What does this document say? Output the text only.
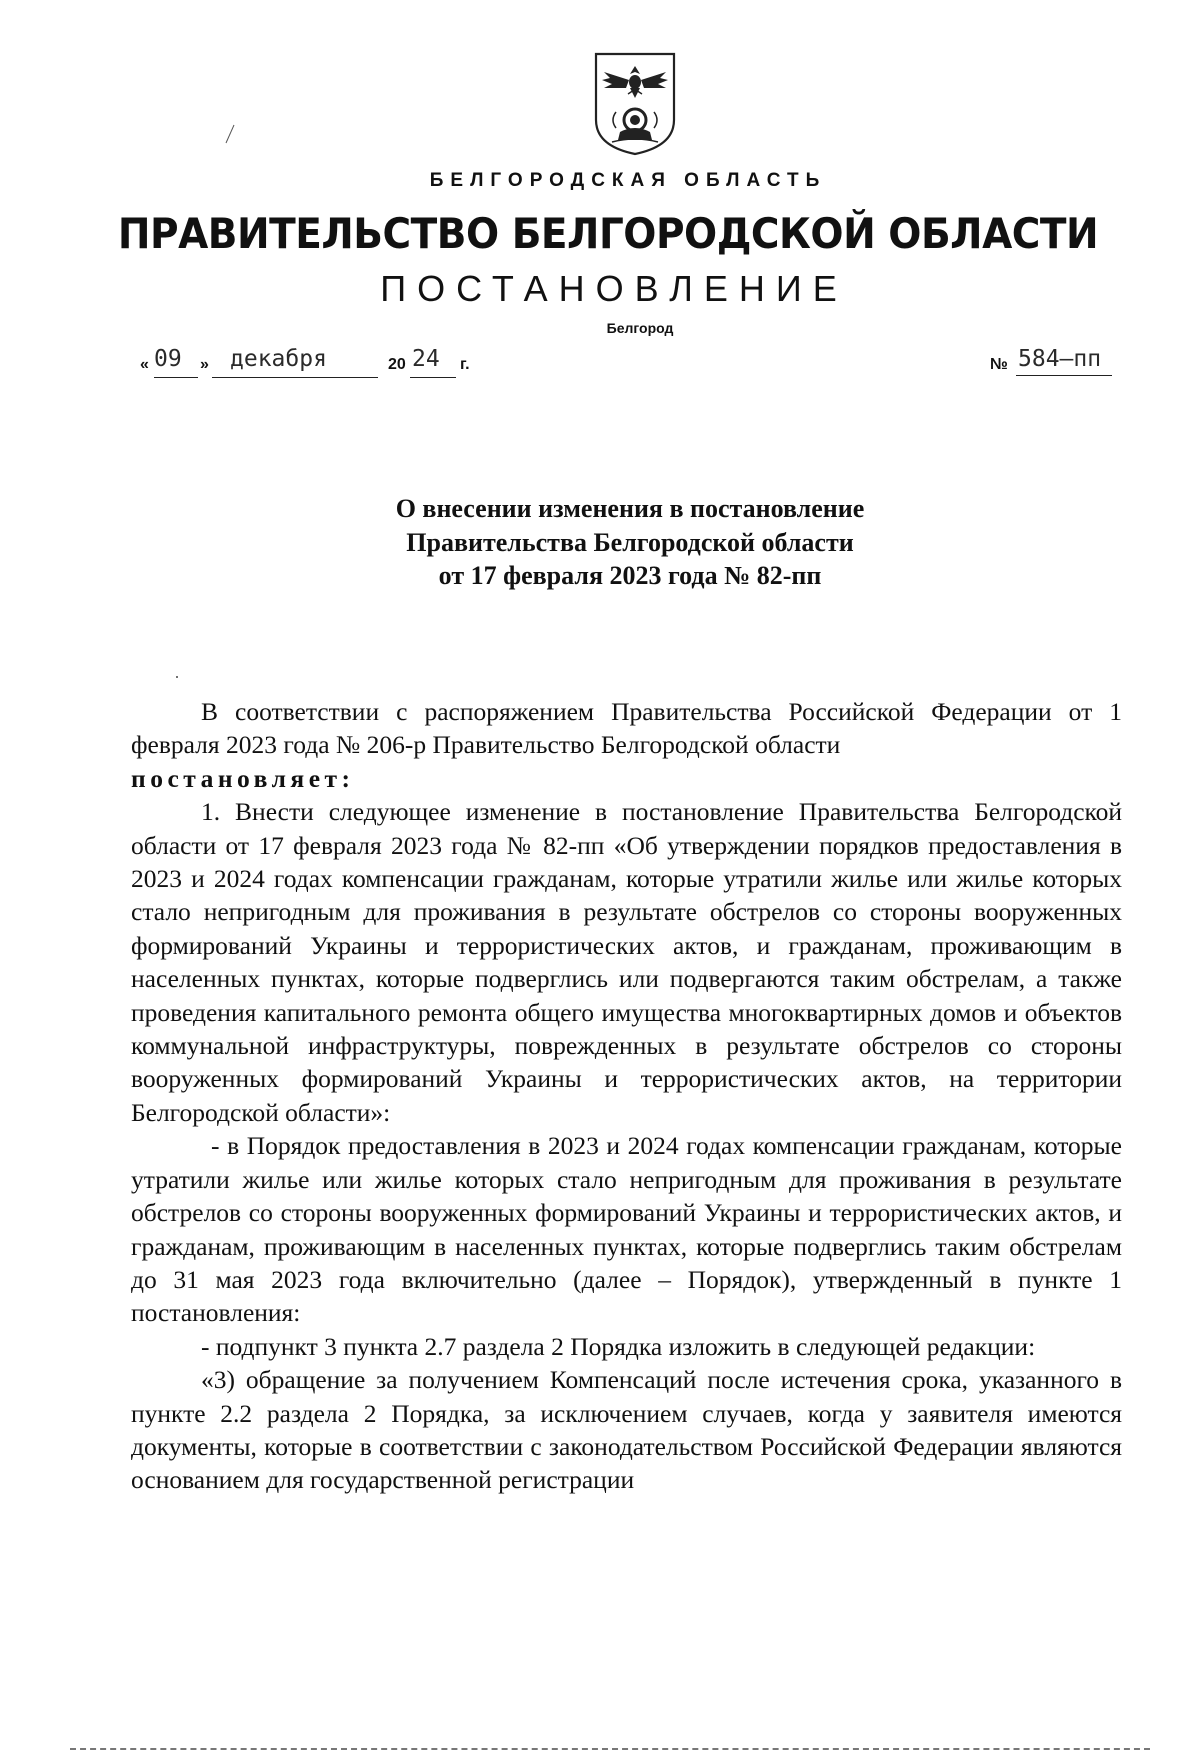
БЕЛГОРОДСКАЯ ОБЛАСТЬ
ПРАВИТЕЛЬСТВО БЕЛГОРОДСКОЙ ОБЛАСТИ
ПОСТАНОВЛЕНИЕ
Белгород
« 09 » декабря	20 24 г.	№ 584–пп
О внесении изменения в постановление
Правительства Белгородской области
от 17 февраля 2023 года № 82-пп

В соответствии с распоряжением Правительства Российской Федерации от 1 февраля 2023 года № 206-р Правительство Белгородской области

постановляет:

1. Внести следующее изменение в постановление Правительства Белгородской области от 17 февраля 2023 года № 82-пп «Об утверждении порядков предоставления в 2023 и 2024 годах компенсации гражданам, которые утратили жилье или жилье которых стало непригодным для проживания в результате обстрелов со стороны вооруженных формирований Украины и террористических актов, и гражданам, проживающим в населенных пунктах, которые подверглись или подвергаются таким обстрелам, а также проведения капитального ремонта общего имущества многоквартирных домов и объектов коммунальной инфраструктуры, поврежденных в результате обстрелов со стороны вооруженных формирований Украины и террористических актов, на территории Белгородской области»:

- в Порядок предоставления в 2023 и 2024 годах компенсации гражданам, которые утратили жилье или жилье которых стало непригодным для проживания в результате обстрелов со стороны вооруженных формирований Украины и террористических актов, и гражданам, проживающим в населенных пунктах, которые подверглись таким обстрелам до 31 мая 2023 года включительно (далее – Порядок), утвержденный в пункте 1 постановления:

- подпункт 3 пункта 2.7 раздела 2 Порядка изложить в следующей редакции:

«3) обращение за получением Компенсаций после истечения срока, указанного в пункте 2.2 раздела 2 Порядка, за исключением случаев, когда у заявителя имеются документы, которые в соответствии с законодательством Российской Федерации являются основанием для государственной регистрации
